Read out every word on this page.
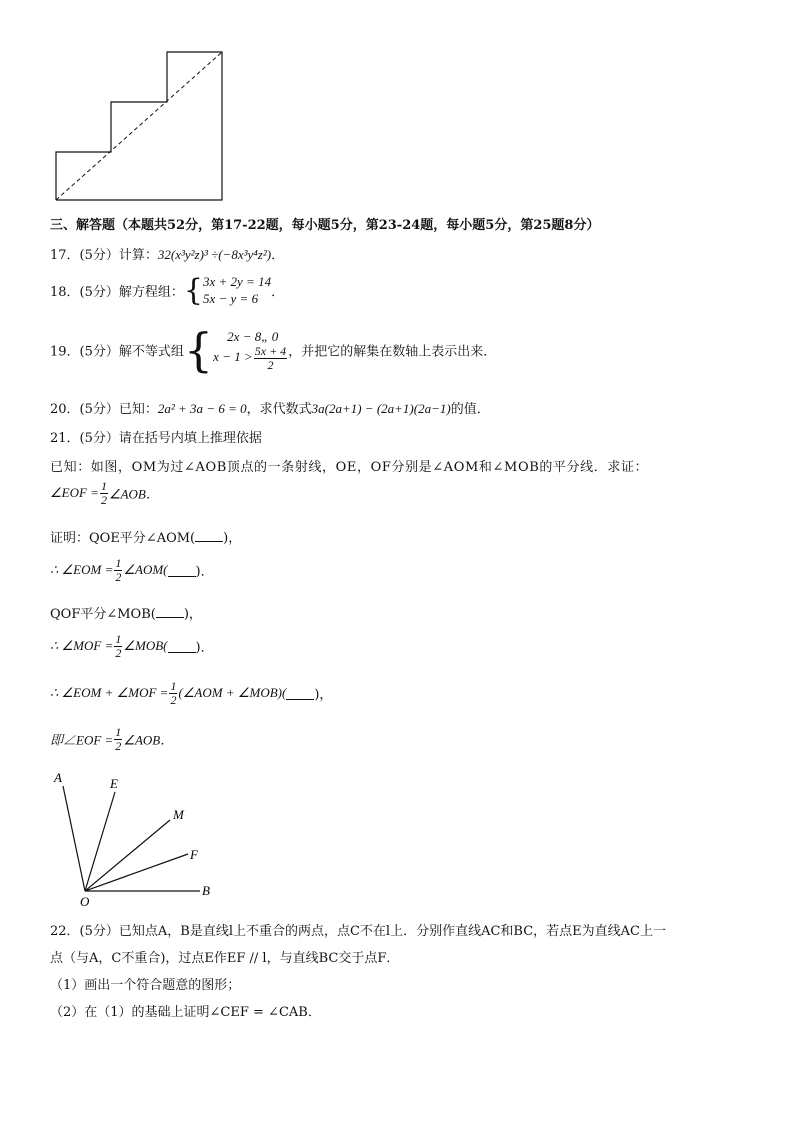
三、解答题（本题共52分，第17-22题，每小题5分，第23-24题，每小题5分，第25题8分）
17．(5分）计算：32(x³y²z)³ ÷(−8x³y⁴z²)．
18．(5分）解方程组：{ 3x + 2y = 14
5x − y = 6	．
19．(5分）解不等式组{	2x − 8„ 0
$x - 1 > \frac{5x + 4}{2}$ ，并把它的解集在数轴上表示出来．
20．(5分）已知：2a² + 3a − 6 = 0，求代数式3a(2a+1) − (2a+1)(2a−1)的值．
21．(5分）请在括号内填上推理依据
已知：如图，OM为过∠AOB顶点的一条射线，OE，OF分别是∠AOM和∠MOB的平分线．求证：
∠EOF = $\frac{1}{2}$ ∠AOB．
证明：QOE平分∠AOM( )，
∴ ∠EOM = $\frac{1}{2}$ ∠AOM( )．
QOF平分∠MOB( )，
∴ ∠MOF = $\frac{1}{2}$ ∠MOB( )．
∴ ∠EOM + ∠MOF = $\frac{1}{2}$ (∠AOM + ∠MOB)( )，
即∠EOF = $\frac{1}{2}$ ∠AOB．
A	E
M
F
B
O
22．(5分）已知点A，B是直线l上不重合的两点，点C不在l上．分别作直线AC和BC，若点E为直线AC上一
点（与A，C不重合)，过点E作EF // l，与直线BC交于点F．
（1）画出一个符合题意的图形；
（2）在（1）的基础上证明∠CEF = ∠CAB．
